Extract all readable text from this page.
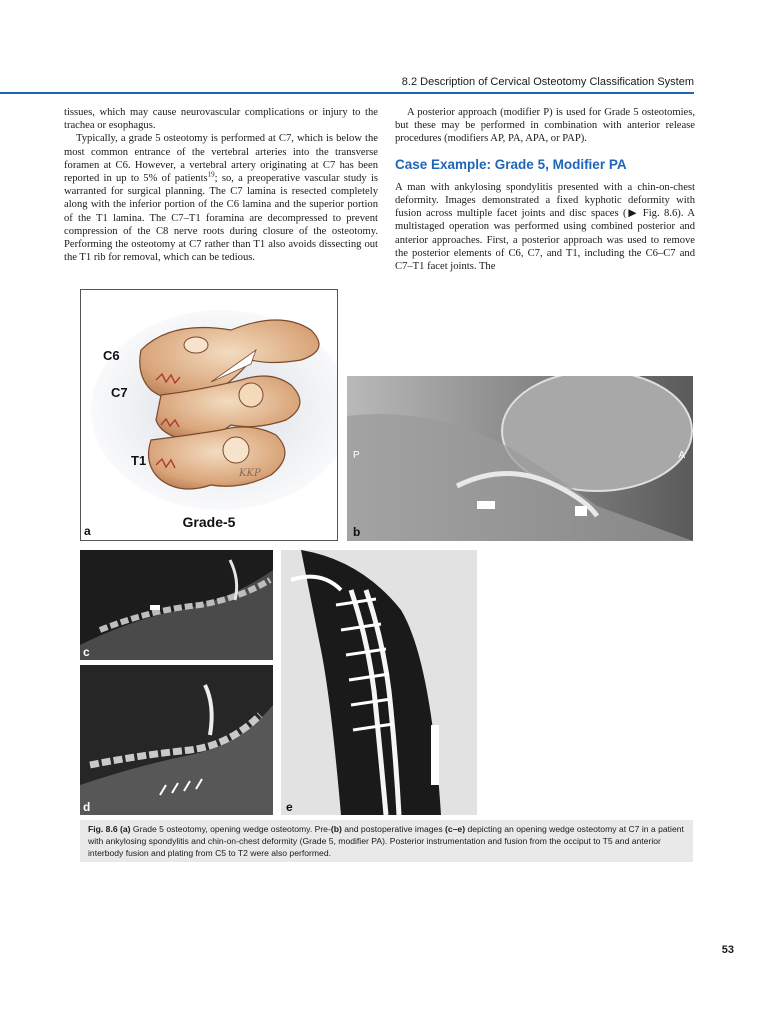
8.2 Description of Cervical Osteotomy Classification System

tissues, which may cause neurovascular complications or injury to the trachea or esophagus.

Typically, a grade 5 osteotomy is performed at C7, which is below the most common entrance of the vertebral arteries into the transverse foramen at C6. However, a vertebral artery originating at C7 has been reported in up to 5% of patients$^{19}$; so, a preoperative vascular study is warranted for surgical planning. The C7 lamina is resected completely along with the inferior portion of the C6 lamina and the superior portion of the T1 lamina. The C7–T1 foramina are decompressed to prevent compression of the C8 nerve roots during closure of the osteotomy. Performing the osteotomy at C7 rather than T1 also avoids dissecting out the T1 rib for removal, which can be tedious.

A posterior approach (modifier P) is used for Grade 5 osteotomies, but these may be performed in combination with anterior release procedures (modifiers AP, PA, APA, or PAP).

Case Example: Grade 5, Modifier PA

A man with ankylosing spondylitis presented with a chin-on-chest deformity. Images demonstrated a fixed kyphotic deformity with fusion across multiple facet joints and disc spaces (▶ Fig. 8.6). A multistaged operation was performed using combined posterior and anterior approaches. First, a posterior approach was used to remove the posterior elements of C6, C7, and T1, including the C6–C7 and C7–T1 facet joints. The

C6
C7
T1
KKP
Grade-5
a
P	A
b
c
d	e
Fig. 8.6 (a) Grade 5 osteotomy, opening wedge osteotomy. Pre-(b) and postoperative images (c–e) depicting an opening wedge osteotomy at C7 in a patient with ankylosing spondylitis and chin-on-chest deformity (Grade 5, modifier PA). Posterior instrumentation and fusion from the occiput to T5 and anterior interbody fusion and plating from C5 to T2 were also performed.
53
